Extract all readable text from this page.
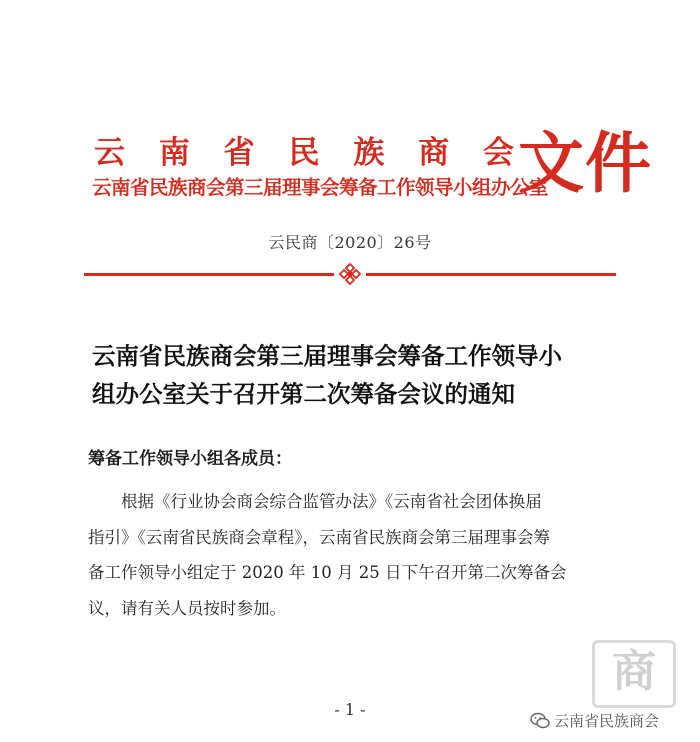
云 南 省 民 族 商 会
云南省民族商会第三届理事会筹备工作领导小组办公室
文件
云民商〔2020〕26号
云南省民族商会第三届理事会筹备工作领导小
组办公室关于召开第二次筹备会议的通知
筹备工作领导小组各成员：
根据《行业协会商会综合监管办法》《云南省社会团体换届
指引》《云南省民族商会章程》，云南省民族商会第三届理事会筹
备工作领导小组定于 2020 年 10 月 25 日下午召开第二次筹备会
议，请有关人员按时参加。
- 1 -
商
云南省民族商会
